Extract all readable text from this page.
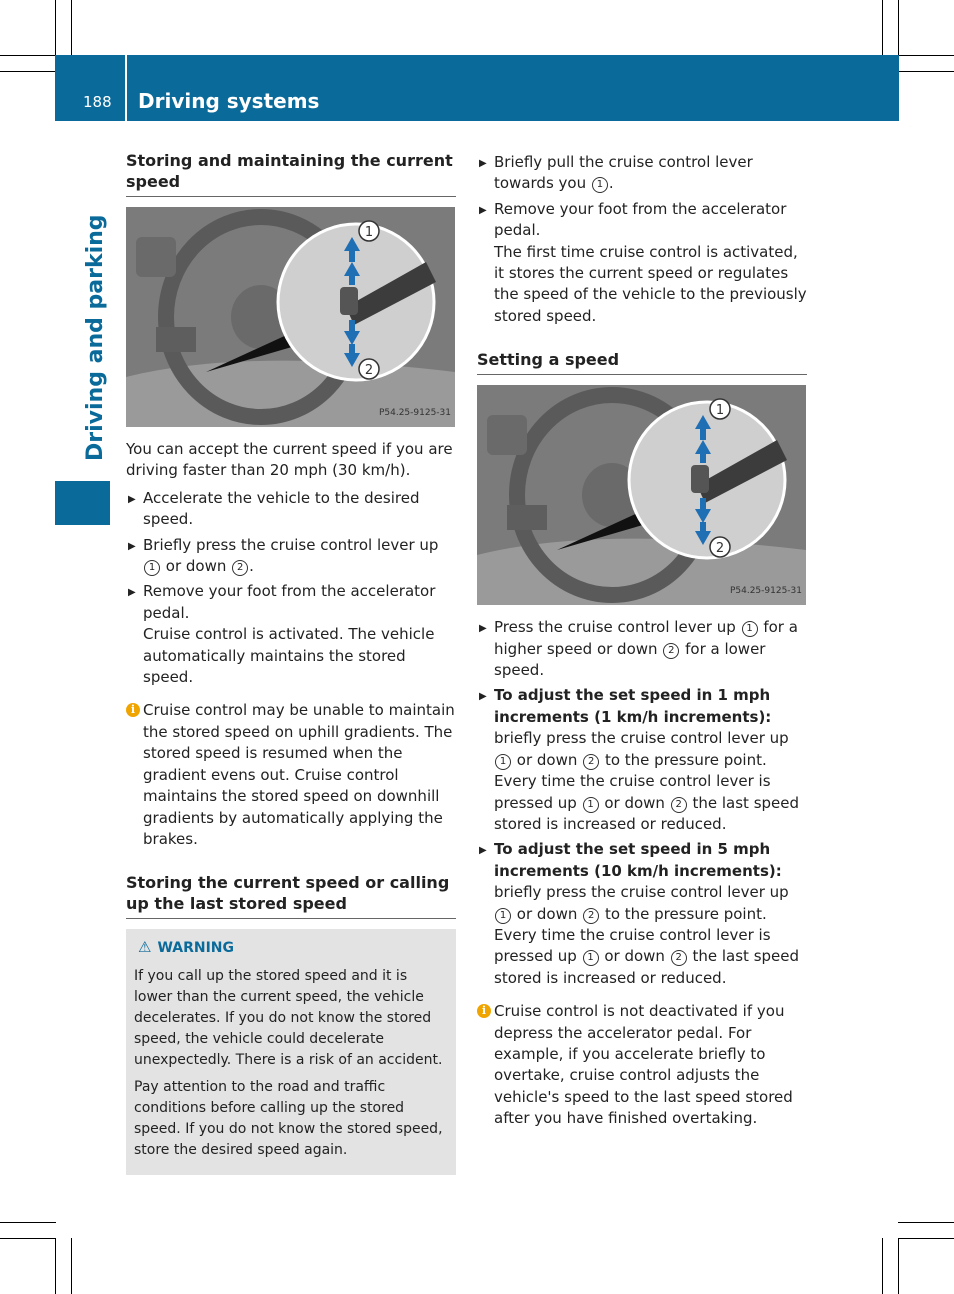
188 Driving systems
Driving and parking
Storing and maintaining the current speed
1
2
P54.25-9125-31

You can accept the current speed if you are driving faster than 20 mph (30 km/h).

▶ Accelerate the vehicle to the desired speed.
▶ Briefly press the cruise control lever up 1 or down 2 .
▶ Remove your foot from the accelerator pedal.
Cruise control is activated. The vehicle automatically maintains the stored speed.
i Cruise control may be unable to maintain the stored speed on uphill gradients. The stored speed is resumed when the gradient evens out. Cruise control maintains the stored speed on downhill gradients by automatically applying the brakes.
Storing the current speed or calling up the last stored speed
⚠ WARNING

If you call up the stored speed and it is lower than the current speed, the vehicle decelerates. If you do not know the stored speed, the vehicle could decelerate unexpectedly. There is a risk of an accident.

Pay attention to the road and traffic conditions before calling up the stored speed. If you do not know the stored speed, store the desired speed again.

▶ Briefly pull the cruise control lever towards you 1 .
▶ Remove your foot from the accelerator pedal.
The first time cruise control is activated, it stores the current speed or regulates the speed of the vehicle to the previously stored speed.
Setting a speed
1
2
P54.25-9125-31
▶ Press the cruise control lever up 1 for a higher speed or down 2 for a lower speed.
▶ To adjust the set speed in 1 mph increments (1 km/h increments): briefly press the cruise control lever up 1 or down 2 to the pressure point.
Every time the cruise control lever is pressed up 1 or down 2 the last speed stored is increased or reduced.
▶ To adjust the set speed in 5 mph increments (10 km/h increments): briefly press the cruise control lever up 1 or down 2 to the pressure point.
Every time the cruise control lever is pressed up 1 or down 2 the last speed stored is increased or reduced.
i Cruise control is not deactivated if you depress the accelerator pedal. For example, if you accelerate briefly to overtake, cruise control adjusts the vehicle's speed to the last speed stored after you have finished overtaking.
